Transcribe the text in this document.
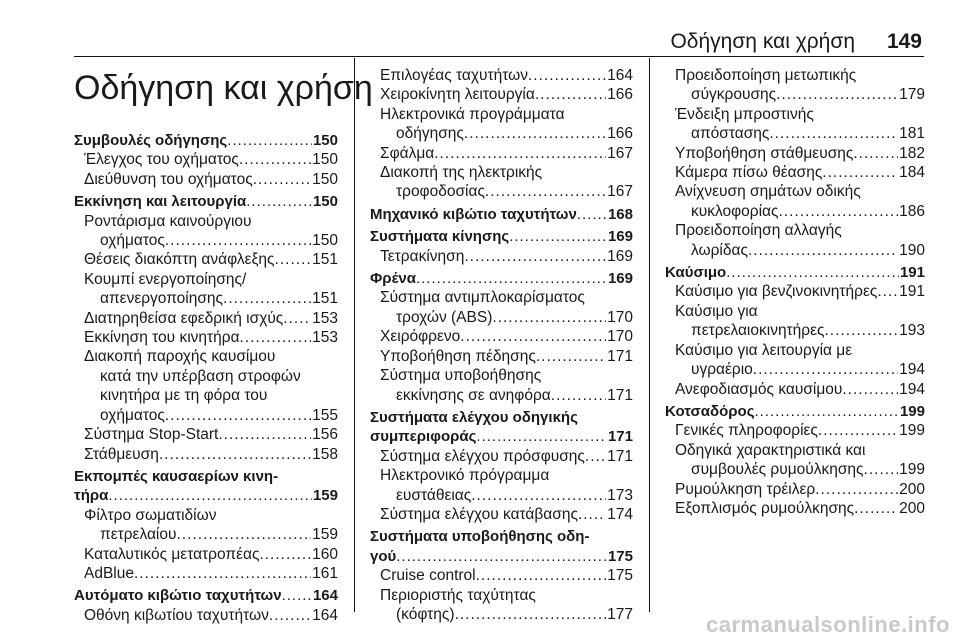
Οδήγηση και χρήση 149
Οδήγηση και χρήση
Συμβουλές οδήγησης .....	150
Έλεγχος του οχήματος .....	150
Διεύθυνση του οχήματος .....	150
Εκκίνηση και λειτουργία .....	150
Ροντάρισμα καινούργιου
οχήματος .....	150
Θέσεις διακόπτη ανάφλεξης ..... 151
Κουμπί ενεργοποίησης/
απενεργοποίησης .....	151
Διατηρηθείσα εφεδρική ισχύς ..... 153
Εκκίνηση του κινητήρα .....	153
Διακοπή παροχής καυσίμου
κατά την υπέρβαση στροφών
κινητήρα με τη φόρα του
οχήματος .....	155
Σύστημα Stop-Start .....	156
Στάθμευση .....	158
Εκπομπές καυσαερίων κινη-
τήρα .....	159
Φίλτρο σωματιδίων
πετρελαίου .....	159
Καταλυτικός μετατροπέας .....	160
AdBlue .....	161
Αυτόματο κιβώτιο ταχυτήτων ..... 164
Οθόνη κιβωτίου ταχυτήτων .....	164
Επιλογέας ταχυτήτων .....	164
Χειροκίνητη λειτουργία .....	166
Ηλεκτρονικά προγράμματα
οδήγησης .....	166
Σφάλμα .....	167
Διακοπή της ηλεκτρικής
τροφοδοσίας .....	167
Μηχανικό κιβώτιο ταχυτήτων ..... 168
Συστήματα κίνησης .....	169
Τετρακίνηση .....	169
Φρένα .....	169
Σύστημα αντιμπλοκαρίσματος
τροχών (ABS) .....	170
Χειρόφρενο .....	170
Υποβοήθηση πέδησης .....	171
Σύστημα υποβοήθησης
εκκίνησης σε ανηφόρα .....	171
Συστήματα ελέγχου οδηγικής
συμπεριφοράς .....	171
Σύστημα ελέγχου πρόσφυσης ..... 171
Ηλεκτρονικό πρόγραμμα
ευστάθειας .....	173
Σύστημα ελέγχου κατάβασης ..... 174
Συστήματα υποβοήθησης οδη-
γού .....	175
Cruise control .....	175
Περιοριστής ταχύτητας
(κόφτης) .....	177
Προειδοποίηση μετωπικής
σύγκρουσης .....	179
Ένδειξη μπροστινής
απόστασης .....	181
Υποβοήθηση στάθμευσης .....	182
Κάμερα πίσω θέασης .....	184
Ανίχνευση σημάτων οδικής
κυκλοφορίας .....	186
Προειδοποίηση αλλαγής
λωρίδας .....	190
Καύσιμο .....	191
Καύσιμο για βενζινοκινητήρες ..... 191
Καύσιμο για
πετρελαιοκινητήρες .....	193
Καύσιμο για λειτουργία με
υγραέριο .....	194
Ανεφοδιασμός καυσίμου .....	194
Κοτσαδόρος .....	199
Γενικές πληροφορίες .....	199
Οδηγικά χαρακτηριστικά και
συμβουλές ρυμούλκησης ..... 199
Ρυμούλκηση τρέιλερ .....	200
Εξοπλισμός ρυμούλκησης .....	200
carmanualsonline.info
